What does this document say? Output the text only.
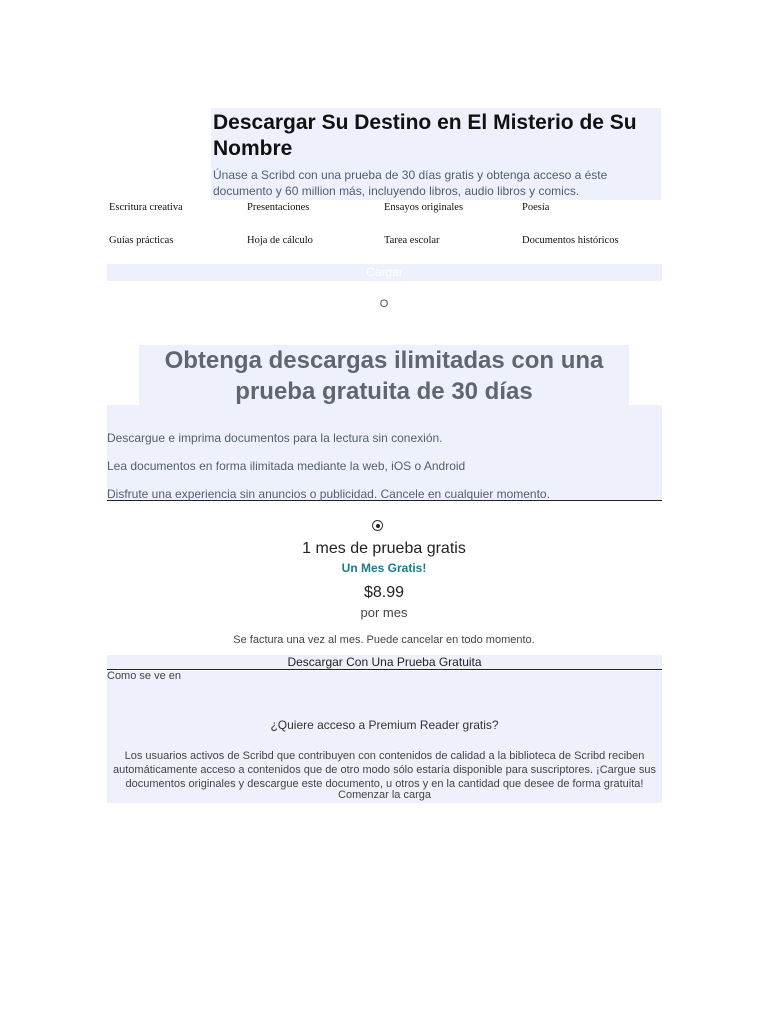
Descargar Su Destino en El Misterio de Su Nombre

Únase a Scribd con una prueba de 30 días gratis y obtenga acceso a éste documento y 60 million más, incluyendo libros, audio libros y comics.

Escritura creativa	Presentaciones	Ensayos originales	Poesía
Guías prácticas	Hoja de cálculo	Tarea escolar	Documentos históricos
Cargar
O
Obtenga descargas ilimitadas con una prueba gratuita de 30 días

Descargue e imprima documentos para la lectura sin conexión.

Lea documentos en forma ilimitada mediante la web, iOS o Android

Disfrute una experiencia sin anuncios o publicidad. Cancele en cualquier momento.

1 mes de prueba gratis
Un Mes Gratis!
$8.99
por mes
Se factura una vez al mes. Puede cancelar en todo momento.
Descargar Con Una Prueba Gratuita
Como se ve en
¿Quiere acceso a Premium Reader gratis?

Los usuarios activos de Scribd que contribuyen con contenidos de calidad a la biblioteca de Scribd reciben automáticamente acceso a contenidos que de otro modo sólo estaría disponible para suscriptores. ¡Cargue sus documentos originales y descargue este documento, u otros y en la cantidad que desee de forma gratuita!

Comenzar la carga
